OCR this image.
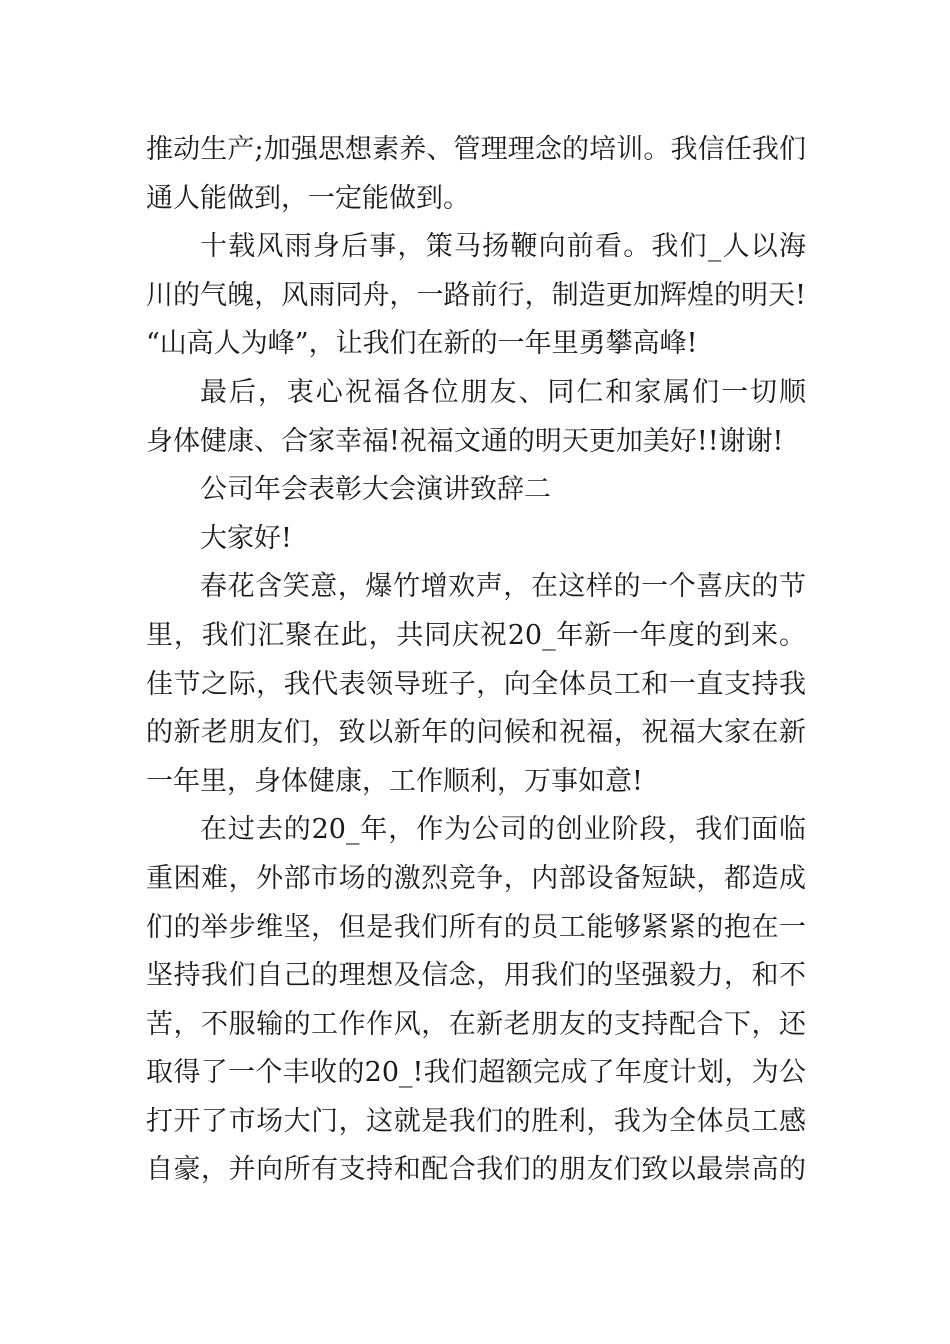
推动生产;加强思想素养、管理理念的培训。我信任我们
通人能做到，一定能做到。
十载风雨身后事，策马扬鞭向前看。我们_人以海
川的气魄，风雨同舟，一路前行，制造更加辉煌的明天!
“山高人为峰”，让我们在新的一年里勇攀高峰!
最后，衷心祝福各位朋友、同仁和家属们一切顺
身体健康、合家幸福!祝福文通的明天更加美好!!谢谢!
公司年会表彰大会演讲致辞二
大家好!
春花含笑意，爆竹增欢声，在这样的一个喜庆的节
里，我们汇聚在此，共同庆祝20_年新一年度的到来。
佳节之际，我代表领导班子，向全体员工和一直支持我
的新老朋友们，致以新年的问候和祝福，祝福大家在新
一年里，身体健康，工作顺利，万事如意!
在过去的20_年，作为公司的创业阶段，我们面临
重困难，外部市场的激烈竞争，内部设备短缺，都造成
们的举步维坚，但是我们所有的员工能够紧紧的抱在一
坚持我们自己的理想及信念，用我们的坚强毅力，和不
苦，不服输的工作作风，在新老朋友的支持配合下，还
取得了一个丰收的20_!我们超额完成了年度计划，为公
打开了市场大门，这就是我们的胜利，我为全体员工感
自豪，并向所有支持和配合我们的朋友们致以最崇高的
